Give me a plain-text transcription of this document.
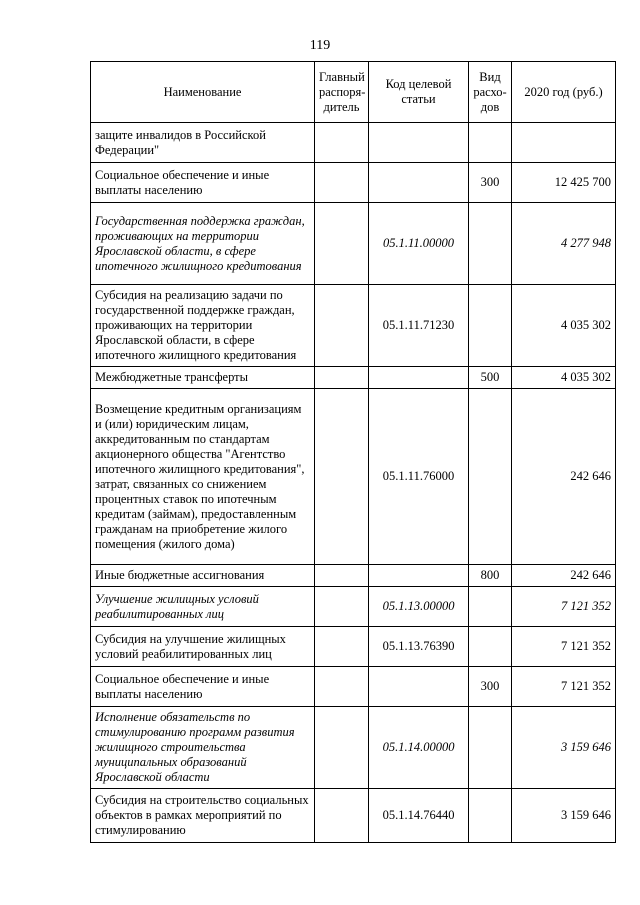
119
Наименование	Главный распоря- дитель	Код целевой статьи	Вид расхо- дов	2020 год (руб.)
защите инвалидов в Российской Федерации"				
Социальное обеспечение и иные выплаты населению			300	12 425 700
Государственная поддержка граждан, проживающих на территории Ярославской области, в сфере ипотечного жилищного кредитования		05.1.11.00000		4 277 948
Субсидия на реализацию задачи по государственной поддержке граждан, проживающих на территории Ярославской области, в сфере ипотечного жилищного кредитования		05.1.11.71230		4 035 302
Межбюджетные трансферты			500	4 035 302
Возмещение кредитным организациям и (или) юридическим лицам, аккредитованным по стандартам акционерного общества "Агентство ипотечного жилищного кредитования", затрат, связанных со снижением процентных ставок по ипотечным кредитам (займам), предоставленным гражданам на приобретение жилого помещения (жилого дома)		05.1.11.76000		242 646
Иные бюджетные ассигнования			800	242 646
Улучшение жилищных условий реабилитированных лиц		05.1.13.00000		7 121 352
Субсидия на улучшение жилищных условий реабилитированных лиц		05.1.13.76390		7 121 352
Социальное обеспечение и иные выплаты населению			300	7 121 352
Исполнение обязательств по стимулированию программ развития жилищного строительства муниципальных образований Ярославской области		05.1.14.00000		3 159 646
Субсидия на строительство социальных объектов в рамках мероприятий по стимулированию		05.1.14.76440		3 159 646
